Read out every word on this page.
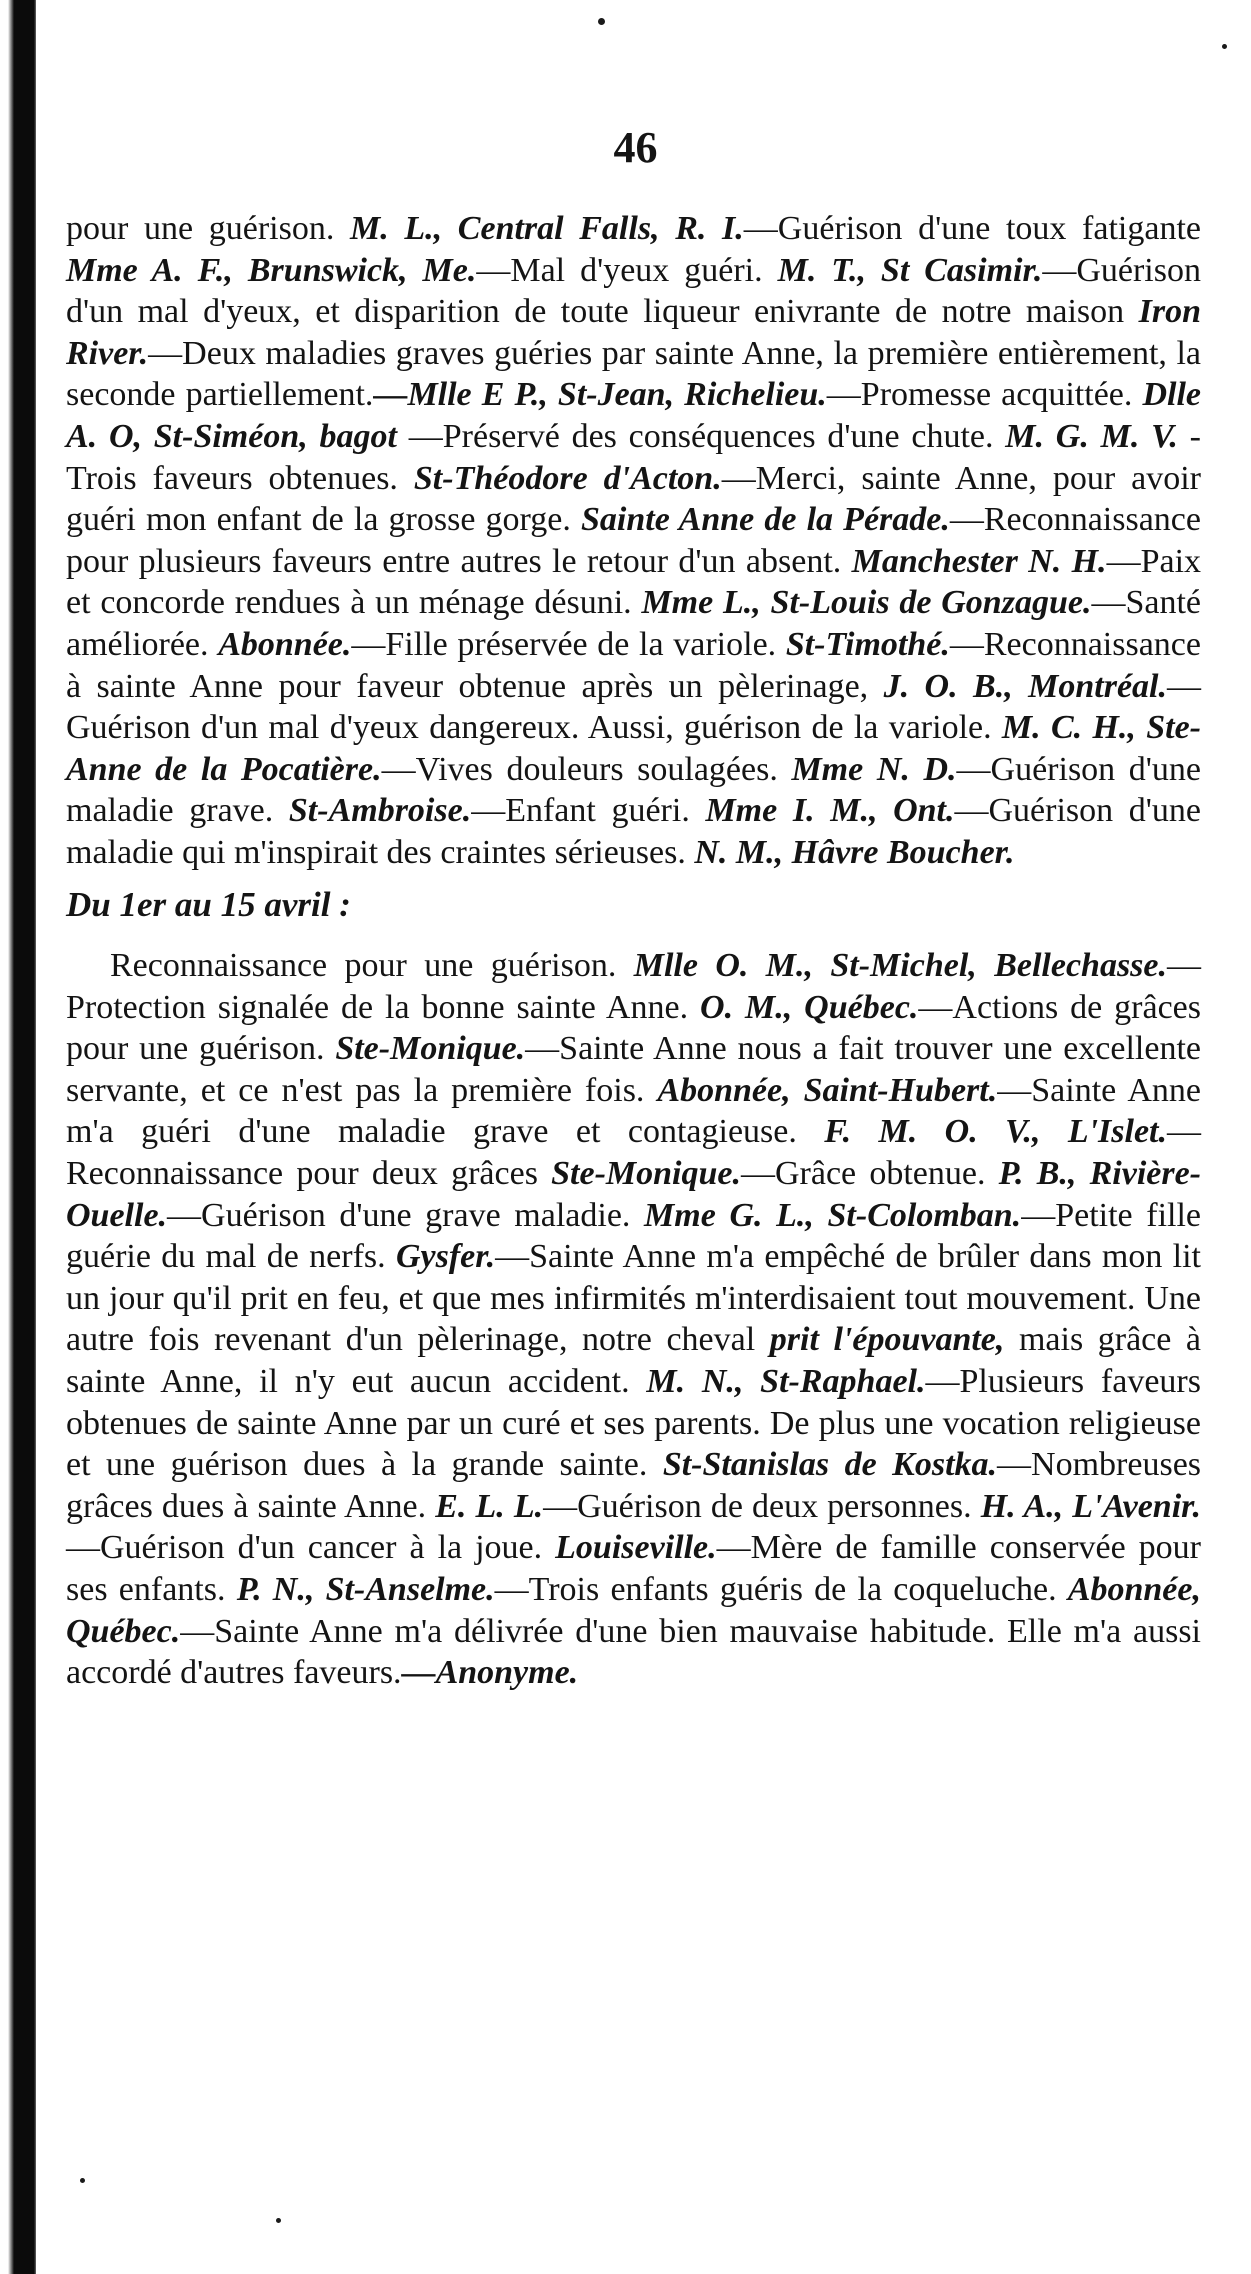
46

pour une guérison. M. L., Central Falls, R. I.—Guérison d'une toux fatigante Mme A. F., Brunswick, Me.—Mal d'yeux guéri. M. T., St Casimir.—Guérison d'un mal d'yeux, et disparition de toute liqueur enivrante de notre maison Iron River.—Deux maladies graves guéries par sainte Anne, la première entièrement, la seconde partiellement.—Mlle E P., St-Jean, Richelieu.—Promesse acquittée. Dlle A. O, St-Siméon, bagot —Préservé des conséquences d'une chute. M. G. M. V. - Trois faveurs obtenues. St-Théodore d'Acton.—Merci, sainte Anne, pour avoir guéri mon enfant de la grosse gorge. Sainte Anne de la Pérade.—Reconnaissance pour plusieurs faveurs entre autres le retour d'un absent. Manchester N. H.—Paix et concorde rendues à un ménage désuni. Mme L., St-Louis de Gonzague.—Santé améliorée. Abonnée.—Fille préservée de la variole. St-Timothé.—Reconnaissance à sainte Anne pour faveur obtenue après un pèlerinage, J. O. B., Montréal.—Guérison d'un mal d'yeux dangereux. Aussi, guérison de la variole. M. C. H., Ste-Anne de la Pocatière.—Vives douleurs soulagées. Mme N. D.—Guérison d'une maladie grave. St-Ambroise.—Enfant guéri. Mme I. M., Ont.—Guérison d'une maladie qui m'inspirait des craintes sérieuses. N. M., Hâvre Boucher.

Du 1er au 15 avril :

Reconnaissance pour une guérison. Mlle O. M., St-Michel, Bellechasse.—Protection signalée de la bonne sainte Anne. O. M., Québec.—Actions de grâces pour une guérison. Ste-Monique.—Sainte Anne nous a fait trouver une excellente servante, et ce n'est pas la première fois. Abonnée, Saint-Hubert.—Sainte Anne m'a guéri d'une maladie grave et contagieuse. F. M. O. V., L'Islet.—Reconnaissance pour deux grâces Ste-Monique.—Grâce obtenue. P. B., Rivière-Ouelle.—Guérison d'une grave maladie. Mme G. L., St-Colomban.—Petite fille guérie du mal de nerfs. Gysfer.—Sainte Anne m'a empêché de brûler dans mon lit un jour qu'il prit en feu, et que mes infirmités m'interdisaient tout mouvement. Une autre fois revenant d'un pèlerinage, notre cheval prit l'épouvante, mais grâce à sainte Anne, il n'y eut aucun accident. M. N., St-Raphael.—Plusieurs faveurs obtenues de sainte Anne par un curé et ses parents. De plus une vocation religieuse et une guérison dues à la grande sainte. St-Stanislas de Kostka.—Nombreuses grâces dues à sainte Anne. E. L. L.—Guérison de deux personnes. H. A., L'Avenir.—Guérison d'un cancer à la joue. Louiseville.—Mère de famille conservée pour ses enfants. P. N., St-Anselme.—Trois enfants guéris de la coqueluche. Abonnée, Québec.—Sainte Anne m'a délivrée d'une bien mauvaise habitude. Elle m'a aussi accordé d'autres faveurs.—Anonyme.
